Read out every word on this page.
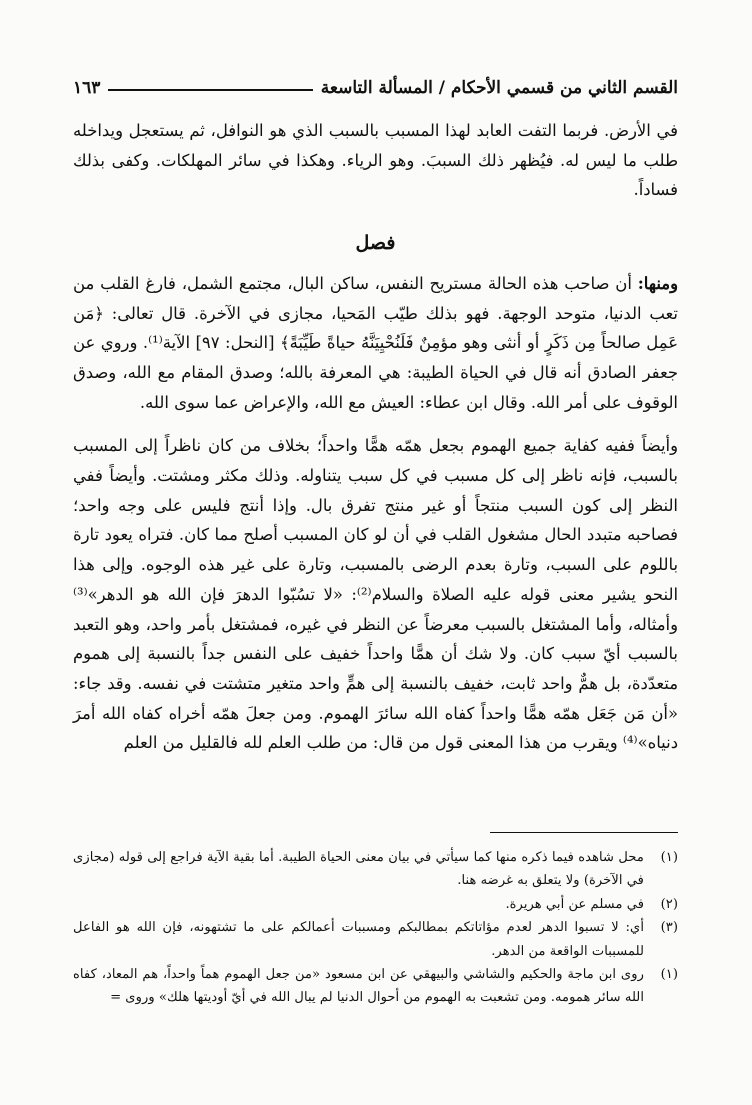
القسم الثاني من قسمي الأحكام / المسألة التاسعة
١٦٣

في الأرض. فربما التفت العابد لهذا المسبب بالسبب الذي هو النوافل، ثم يستعجل ويداخله طلب ما ليس له. فيُظهر ذلك السببَ. وهو الرياء. وهكذا في سائر المهلكات. وكفى بذلك فساداً.

فصل

ومنها: أن صاحب هذه الحالة مستريح النفس، ساكن البال، مجتمع الشمل، فارغ القلب من تعب الدنيا، متوحد الوجهة. فهو بذلك طيّب المَحيا، مجازى في الآخرة. قال تعالى: ﴿مَن عَمِل صالحاً مِن ذَكَرٍ أو أنثى وهو مؤمِنٌ فَلَنُحْيِيَنَّهُ حياةً طَيِّبَةً﴾ [النحل: ٩٧] الآية⁽¹⁾. وروي عن جعفر الصادق أنه قال في الحياة الطيبة: هي المعرفة بالله؛ وصدق المقام مع الله، وصدق الوقوف على أمر الله. وقال ابن عطاء: العيش مع الله، والإعراض عما سوى الله.

وأيضاً ففيه كفاية جميع الهموم بجعل همّه همًّا واحداً؛ بخلاف من كان ناظراً إلى المسبب بالسبب، فإنه ناظر إلى كل مسبب في كل سبب يتناوله. وذلك مكثر ومشتت. وأيضاً ففي النظر إلى كون السبب منتجاً أو غير منتج تفرق بال. وإذا أنتج فليس على وجه واحد؛ فصاحبه متبدد الحال مشغول القلب في أن لو كان المسبب أصلح مما كان. فتراه يعود تارة باللوم على السبب، وتارة بعدم الرضى بالمسبب، وتارة على غير هذه الوجوه. وإلى هذا النحو يشير معنى قوله عليه الصلاة والسلام⁽²⁾: «لا تسُبّوا الدهرَ فإن الله هو الدهر»⁽³⁾ وأمثاله، وأما المشتغل بالسبب معرضاً عن النظر في غيره، فمشتغل بأمر واحد، وهو التعبد بالسبب أيّ سبب كان. ولا شك أن همًّا واحداً خفيف على النفس جداً بالنسبة إلى هموم متعدّدة، بل همٌّ واحد ثابت، خفيف بالنسبة إلى همٍّ واحد متغير متشتت في نفسه. وقد جاء: «أن مَن جَعَل همّه همًّا واحداً كفاه الله سائرَ الهموم. ومن جعلَ همّه أخراه كفاه الله أمرَ دنياه»⁽⁴⁾ ويقرب من هذا المعنى قول من قال: من طلب العلم لله فالقليل من العلم

(١)
محل شاهده فيما ذكره منها كما سيأتي في بيان معنى الحياة الطيبة. أما بقية الآية فراجع إلى قوله (مجازى في الآخرة) ولا يتعلق به غرضه هنا.
(٢)
في مسلم عن أبي هريرة.
(٣)
أي: لا تسبوا الدهر لعدم مؤاتاتكم بمطالبكم ومسببات أعمالكم على ما تشتهونه، فإن الله هو الفاعل للمسببات الواقعة من الدهر.
(١)
روى ابن ماجة والحكيم والشاشي والبيهقي عن ابن مسعود «من جعل الهموم هماً واحداً، هم المعاد، كفاه الله سائر همومه. ومن تشعبت به الهموم من أحوال الدنيا لم يبال الله في أيّ أوديتها هلك» وروى =
